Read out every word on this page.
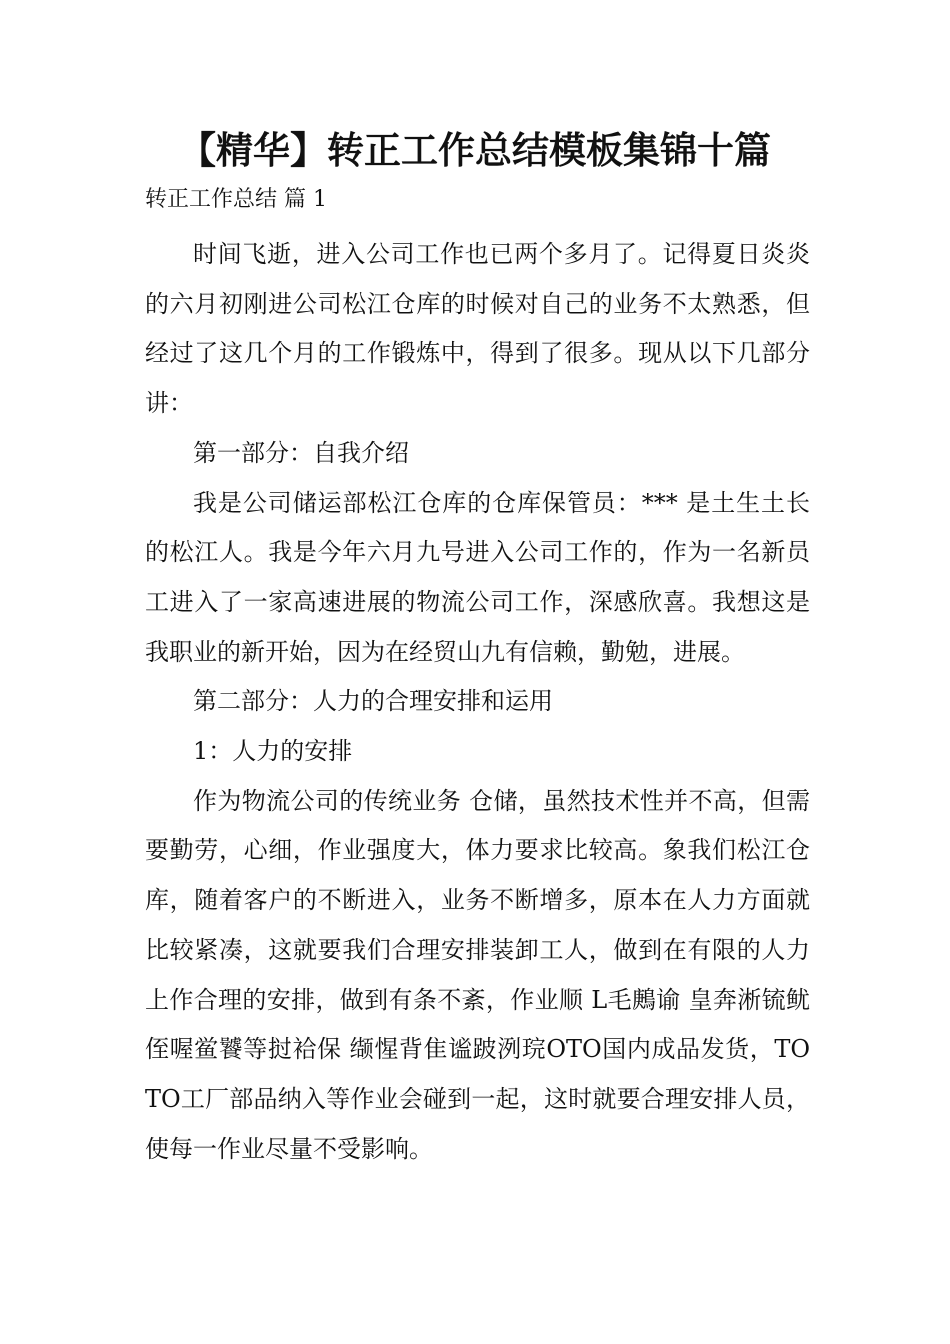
【精华】转正工作总结模板集锦十篇
转正工作总结 篇 1

时间飞逝，进入公司工作也已两个多月了。记得夏日炎炎的六月初刚进公司松江仓库的时候对自己的业务不太熟悉，但经过了这几个月的工作锻炼中，得到了很多。现从以下几部分讲：

第一部分：自我介绍

我是公司储运部松江仓库的仓库保管员：*** 是土生土长的松江人。我是今年六月九号进入公司工作的，作为一名新员工进入了一家高速进展的物流公司工作，深感欣喜。我想这是我职业的新开始，因为在经贸山九有信赖，勤勉，进展。

第二部分：人力的合理安排和运用

1：人力的安排

作为物流公司的传统业务 仓储，虽然技术性并不高，但需要勤劳，心细，作业强度大，体力要求比较高。象我们松江仓库，随着客户的不断进入，业务不断增多，原本在人力方面就比较紧凑，这就要我们合理安排装卸工人，做到在有限的人力上作合理的安排，做到有条不紊，作业顺 L毛鶊谕 皇奔淅锍鱿侄喔鲎饕等挝袷保 缬惺背隹谧跛洌琓OTO国内成品发货，TOTO工厂部品纳入等作业会碰到一起，这时就要合理安排人员，使每一作业尽量不受影响。
